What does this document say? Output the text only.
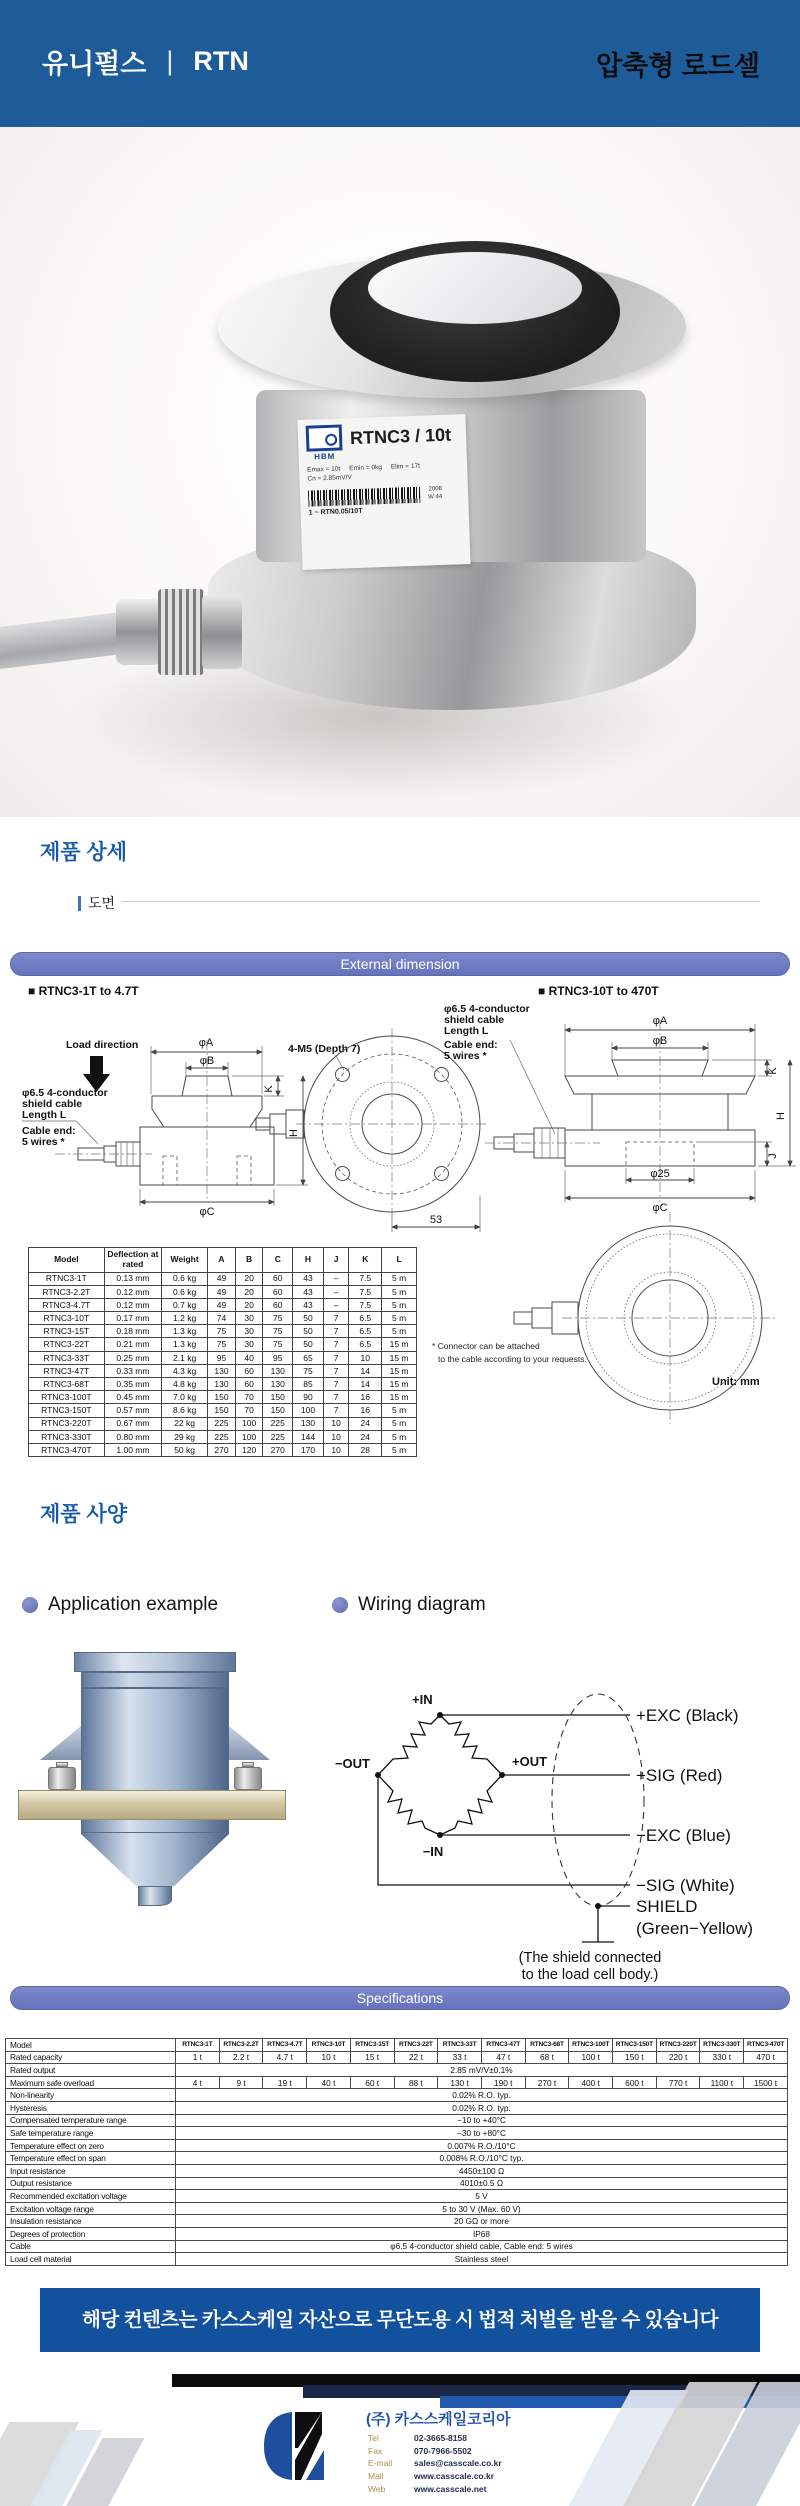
유니펄스 | RTN	압축형 로드셀
HBM
RTNC3 / 10t
Emax = 10t Emin = 0kg Elim = 17t
Cn = 2.85mV/V
2008
W 44
1 ~ RTN0.05/10T
제품 상세
도면
External dimension
■ RTNC3-1T to 4.7T	■ RTNC3-10T to 470T
Load direction	φA
φB
K
H
φC
φ6.5 4-conductor
shield cable
Length L
Cable end:
5 wires *
4-M5 (Depth 7)
53
φ6.5 4-conductor
shield cable
Length L
Cable end:
5 wires *
φA
φB
K
H
J
φ25
φC
Model	Deflection at rated	Weight	A	B	C	H	J	K	L
RTNC3-1T	0.13 mm	0.6 kg	49	20	60	43	–	7.5	5 m
RTNC3-2.2T	0.12 mm	0.6 kg	49	20	60	43	–	7.5	5 m
RTNC3-4.7T	0.12 mm	0.7 kg	49	20	60	43	–	7.5	5 m
RTNC3-10T	0.17 mm	1.2 kg	74	30	75	50	7	6.5	5 m
RTNC3-15T	0.18 mm	1.3 kg	75	30	75	50	7	6.5	5 m
RTNC3-22T	0.21 mm	1.3 kg	75	30	75	50	7	6.5	15 m
RTNC3-33T	0.25 mm	2.1 kg	95	40	95	65	7	10	15 m
RTNC3-47T	0.33 mm	4.3 kg	130	60	130	75	7	14	15 m
RTNC3-68T	0.35 mm	4.8 kg	130	60	130	85	7	14	15 m
RTNC3-100T	0.45 mm	7.0 kg	150	70	150	90	7	16	15 m
RTNC3-150T	0.57 mm	8.6 kg	150	70	150	100	7	16	5 m
RTNC3-220T	0.67 mm	22 kg	225	100	225	130	10	24	5 m
RTNC3-330T	0.80 mm	29 kg	225	100	225	144	10	24	5 m
RTNC3-470T	1.00 mm	50 kg	270	120	270	170	10	28	5 m
* Connector can be attached
to the cable according to your requests.
Unit: mm
제품 사양
Application example	Wiring diagram
+IN
−OUT	+OUT
−IN
+EXC (Black)
+SIG (Red)
−EXC (Blue)
−SIG (White)
SHIELD
(Green−Yellow)
(The shield connected
to the load cell body.)
Specifications
Model	RTNC3-1T	RTNC3-2.2T	RTNC3-4.7T	RTNC3-10T	RTNC3-15T	RTNC3-22T	RTNC3-33T	RTNC3-47T	RTNC3-68T	RTNC3-100T	RTNC3-150T	RTNC3-220T	RTNC3-330T	RTNC3-470T
Rated capacity	1 t	2.2 t	4.7 t	10 t	15 t	22 t	33 t	47 t	68 t	100 t	150 t	220 t	330 t	470 t
Rated output	2.85 mV/V±0.1%													
Maximum safe overload	4 t	9 t	19 t	40 t	60 t	88 t	130 t	190 t	270 t	400 t	600 t	770 t	1100 t	1500 t
Non-linearity	0.02% R.O. typ.													
Hysteresis	0.02% R.O. typ.													
Compensated temperature range	−10 to +40°C													
Safe temperature range	−30 to +80°C													
Temperature effect on zero	0.007% R.O./10°C													
Temperature effect on span	0.008% R.O./10°C typ.													
Input resistance	4450±100 Ω													
Output resistance	4010±0.5 Ω													
Recommended excitation voltage	5 V													
Excitation voltage range	5 to 30 V (Max. 60 V)													
Insulation resistance	20 GΩ or more													
Degrees of protection	IP68													
Cable	φ6.5 4-conductor shield cable, Cable end: 5 wires													
Load cell material	Stainless steel													
해당 컨텐츠는 카스스케일 자산으로 무단도용 시 법적 처벌을 받을 수 있습니다
(주) 카스스케일코리아
Tel	02-3665-8158
Fax	070-7966-5502
E-mail	sales@casscale.co.kr
Mall	www.casscale.co.kr
Web	www.casscale.net
